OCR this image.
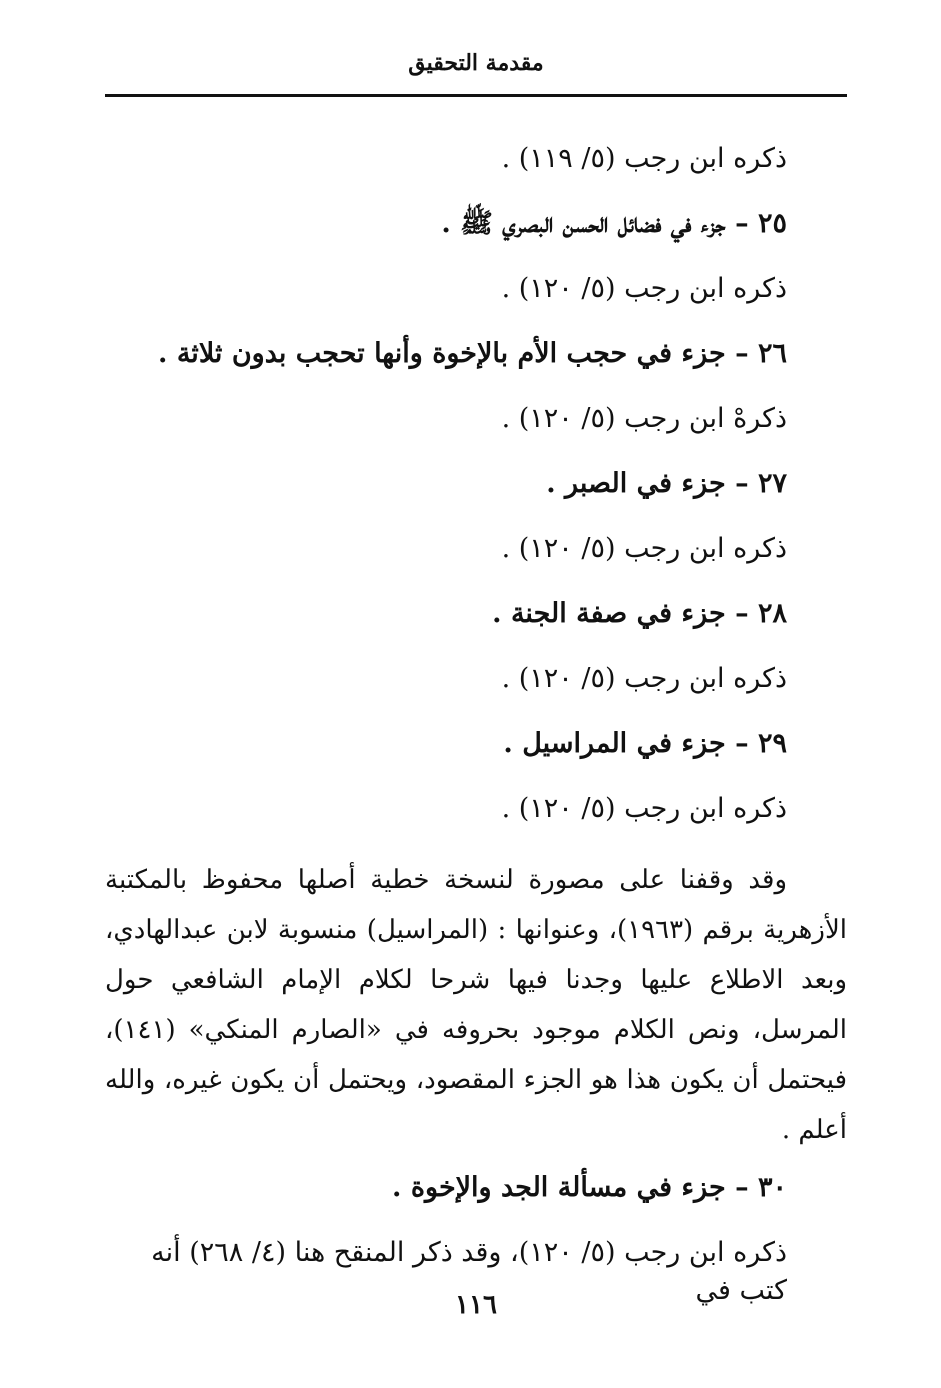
مقدمة التحقيق

ذكره ابن رجب (٥/ ١١٩) .

٢٥ – جزء في فضائل الحسن البصري ﷺ .

ذكره ابن رجب (٥/ ١٢٠) .

٢٦ – جزء في حجب الأم بالإخوة وأنها تحجب بدون ثلاثة .

ذكرهْ ابن رجب (٥/ ١٢٠) .

٢٧ – جزء في الصبر .

ذكره ابن رجب (٥/ ١٢٠) .

٢٨ – جزء في صفة الجنة .

ذكره ابن رجب (٥/ ١٢٠) .

٢٩ – جزء في المراسيل .

ذكره ابن رجب (٥/ ١٢٠) .

وقد وقفنا على مصورة لنسخة خطية أصلها محفوظ بالمكتبة الأزهرية برقم (١٩٦٣)، وعنوانها : (المراسيل) منسوبة لابن عبدالهادي، وبعد الاطلاع عليها وجدنا فيها شرحا لكلام الإمام الشافعي حول المرسل، ونص الكلام موجود بحروفه في «الصارم المنكي» (١٤١)، فيحتمل أن يكون هذا هو الجزء المقصود، ويحتمل أن يكون غيره، والله أعلم .

٣٠ – جزء في مسألة الجد والإخوة .

ذكره ابن رجب (٥/ ١٢٠)، وقد ذكر المنقح هنا (٤/ ٢٦٨) أنه كتب في

١١٦
